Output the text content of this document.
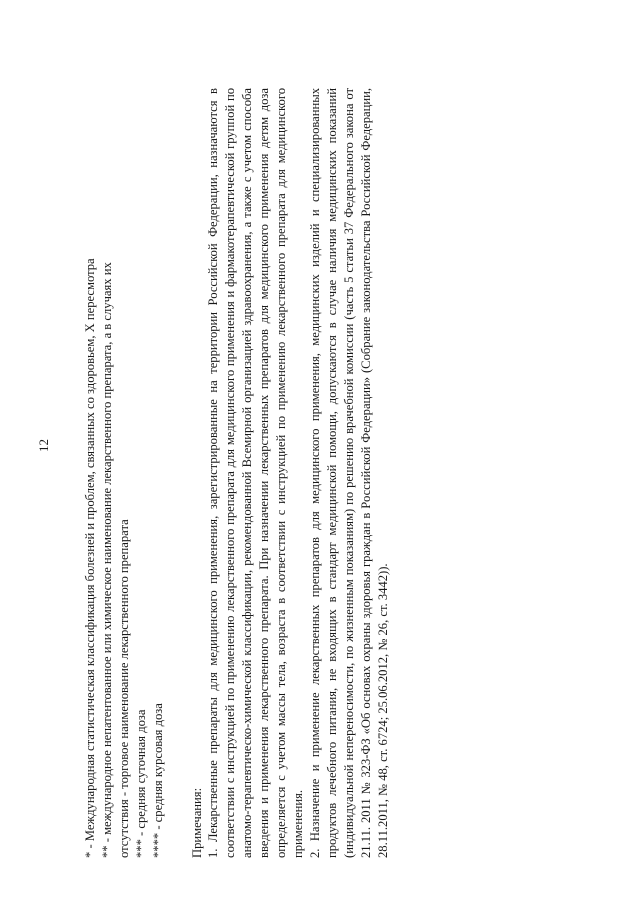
12	* - Международная статистическая классификация болезней и проблем, связанных со здоровьем, X пересмотра ** - международное непатентованное или химическое наименование лекарственного препарата, а в случаях их отсутствия - торговое наименование лекарственного препарата *** - средняя суточная доза **** - средняя курсовая доза Примечания: 1. Лекарственные препараты для медицинского применения, зарегистрированные на территории Российской Федерации, назначаются в соответствии с инструкцией по применению лекарственного препарата для медицинского применения и фармакотерапевтической группой по анатомо-терапевтическо-химической классификации, рекомендованной Всемирной организацией здравоохранения, а также с учетом способа введения и применения лекарственного препарата. При назначении лекарственных препаратов для медицинского применения детям доза определяется с учетом массы тела, возраста в соответствии с инструкцией по применению лекарственного препарата для медицинского применения. 2. Назначение и применение лекарственных препаратов для медицинского применения, медицинских изделий и специализированных продуктов лечебного питания, не входящих в стандарт медицинской помощи, допускаются в случае наличия медицинских показаний (индивидуальной непереносимости, по жизненным показаниям) по решению врачебной комиссии (часть 5 статьи 37 Федерального закона от 21.11. 2011 № 323-ФЗ «Об основах охраны здоровья граждан в Российской Федерации» (Собрание законодательства Российской Федерации, 28.11.2011, № 48, ст. 6724; 25.06.2012, № 26, ст. 3442)).
